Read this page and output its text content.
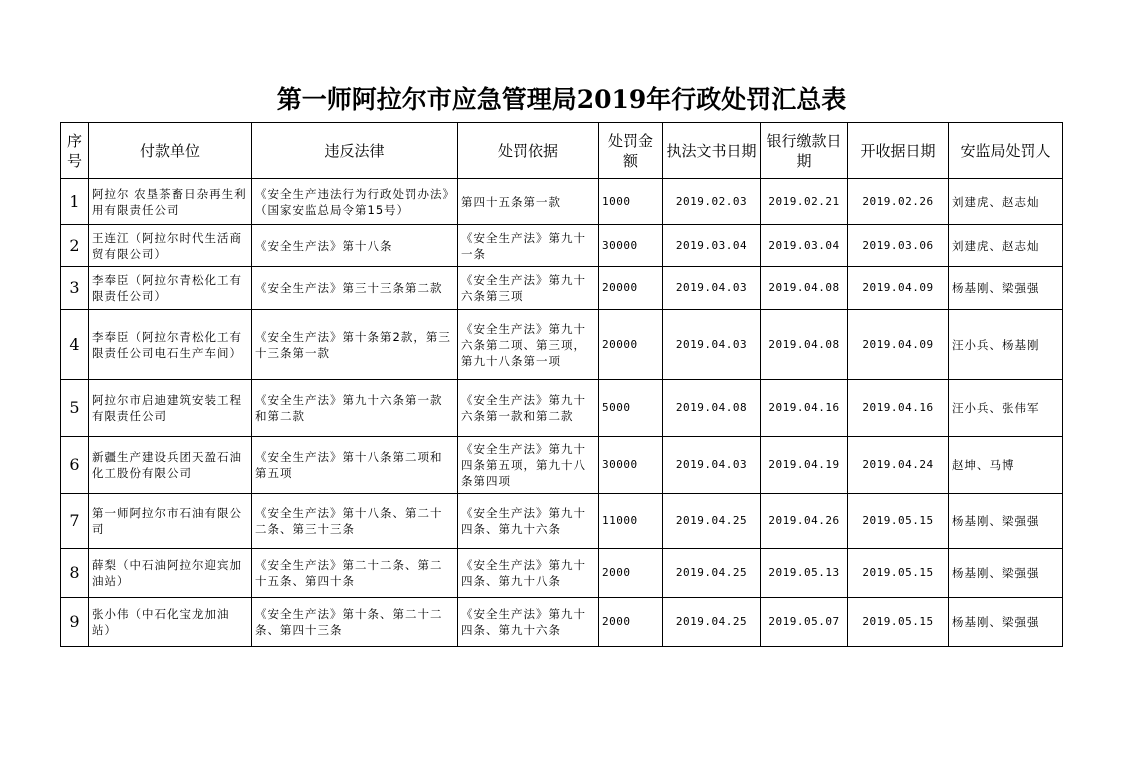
第一师阿拉尔市应急管理局2019年行政处罚汇总表
序号	付款单位	违反法律	处罚依据	处罚金额	执法文书日期	银行缴款日期	开收据日期	安监局处罚人
1	阿拉尔 农垦茶畜日杂再生利用有限责任公司	《安全生产违法行为行政处罚办法》（国家安监总局令第15号）	第四十五条第一款	1000	2019.02.03	2019.02.21	2019.02.26	刘建虎、赵志灿
2	王连江（阿拉尔时代生活商贸有限公司）	《安全生产法》第十八条	《安全生产法》第九十一条	30000	2019.03.04	2019.03.04	2019.03.06	刘建虎、赵志灿
3	李奉臣（阿拉尔青松化工有限责任公司）	《安全生产法》第三十三条第二款	《安全生产法》第九十六条第三项	20000	2019.04.03	2019.04.08	2019.04.09	杨基刚、梁强强
4	李奉臣（阿拉尔青松化工有限责任公司电石生产车间）	《安全生产法》第十条第2款，第三十三条第一款	《安全生产法》第九十六条第二项、第三项，第九十八条第一项	20000	2019.04.03	2019.04.08	2019.04.09	汪小兵、杨基刚
5	阿拉尔市启迪建筑安装工程有限责任公司	《安全生产法》第九十六条第一款和第二款	《安全生产法》第九十六条第一款和第二款	5000	2019.04.08	2019.04.16	2019.04.16	汪小兵、张伟军
6	新疆生产建设兵团天盈石油化工股份有限公司	《安全生产法》第十八条第二项和第五项	《安全生产法》第九十四条第五项，第九十八条第四项	30000	2019.04.03	2019.04.19	2019.04.24	赵坤、马博
7	第一师阿拉尔市石油有限公司	《安全生产法》第十八条、第二十二条、第三十三条	《安全生产法》第九十四条、第九十六条	11000	2019.04.25	2019.04.26	2019.05.15	杨基刚、梁强强
8	薛梨（中石油阿拉尔迎宾加油站）	《安全生产法》第二十二条、第二十五条、第四十条	《安全生产法》第九十四条、第九十八条	2000	2019.04.25	2019.05.13	2019.05.15	杨基刚、梁强强
9	张小伟（中石化宝龙加油站）	《安全生产法》第十条、第二十二条、第四十三条	《安全生产法》第九十四条、第九十六条	2000	2019.04.25	2019.05.07	2019.05.15	杨基刚、梁强强
